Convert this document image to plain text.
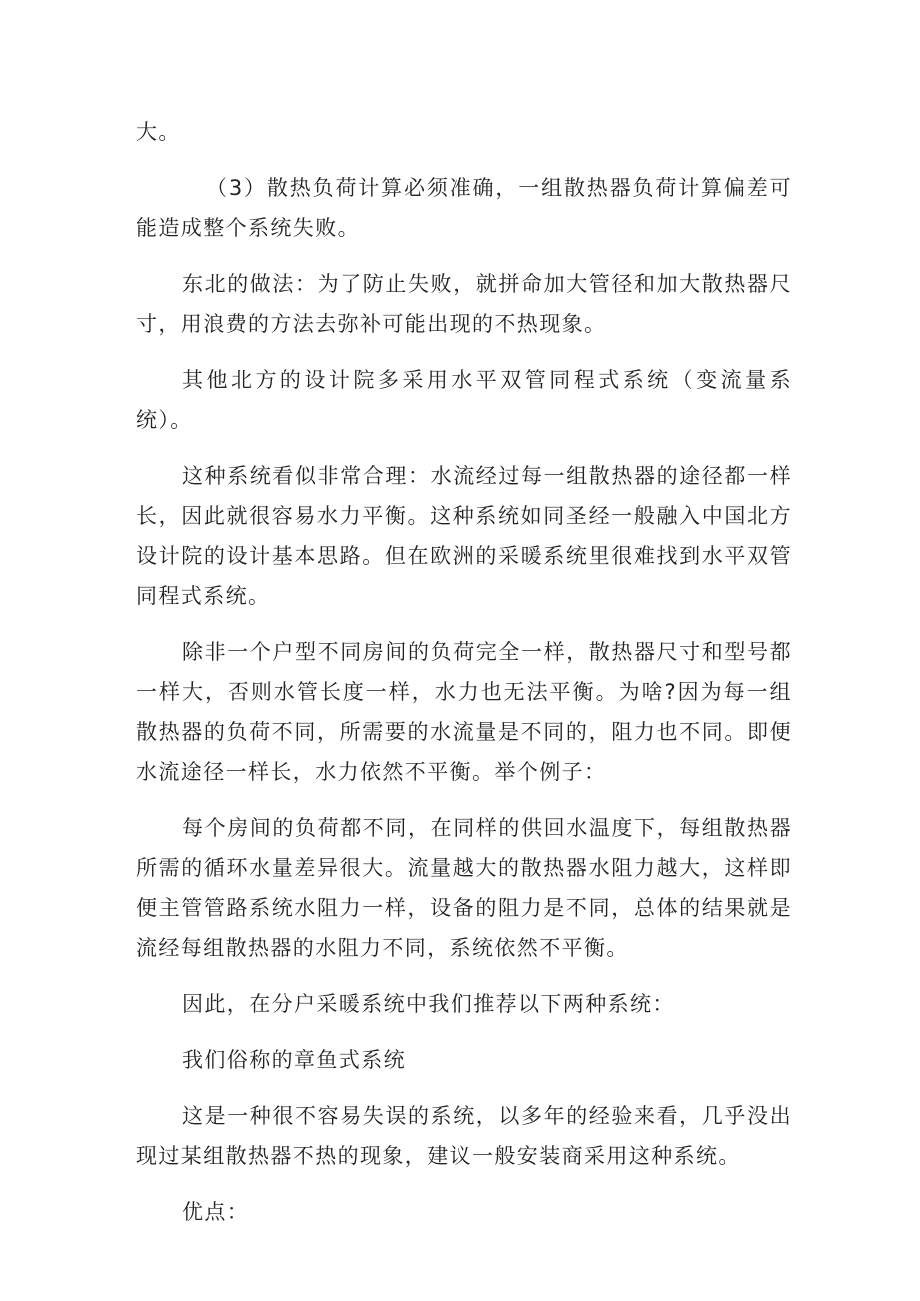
大。

（3）散热负荷计算必须准确，一组散热器负荷计算偏差可能造成整个系统失败。

东北的做法：为了防止失败，就拼命加大管径和加大散热器尺寸，用浪费的方法去弥补可能出现的不热现象。

其他北方的设计院多采用水平双管同程式系统（变流量系统）。

这种系统看似非常合理：水流经过每一组散热器的途径都一样长，因此就很容易水力平衡。这种系统如同圣经一般融入中国北方设计院的设计基本思路。但在欧洲的采暖系统里很难找到水平双管同程式系统。

除非一个户型不同房间的负荷完全一样，散热器尺寸和型号都一样大，否则水管长度一样，水力也无法平衡。为啥?因为每一组散热器的负荷不同，所需要的水流量是不同的，阻力也不同。即便水流途径一样长，水力依然不平衡。举个例子：

每个房间的负荷都不同，在同样的供回水温度下，每组散热器所需的循环水量差异很大。流量越大的散热器水阻力越大，这样即便主管管路系统水阻力一样，设备的阻力是不同，总体的结果就是流经每组散热器的水阻力不同，系统依然不平衡。

因此，在分户采暖系统中我们推荐以下两种系统：

我们俗称的章鱼式系统

这是一种很不容易失误的系统，以多年的经验来看，几乎没出现过某组散热器不热的现象，建议一般安装商采用这种系统。

优点：
